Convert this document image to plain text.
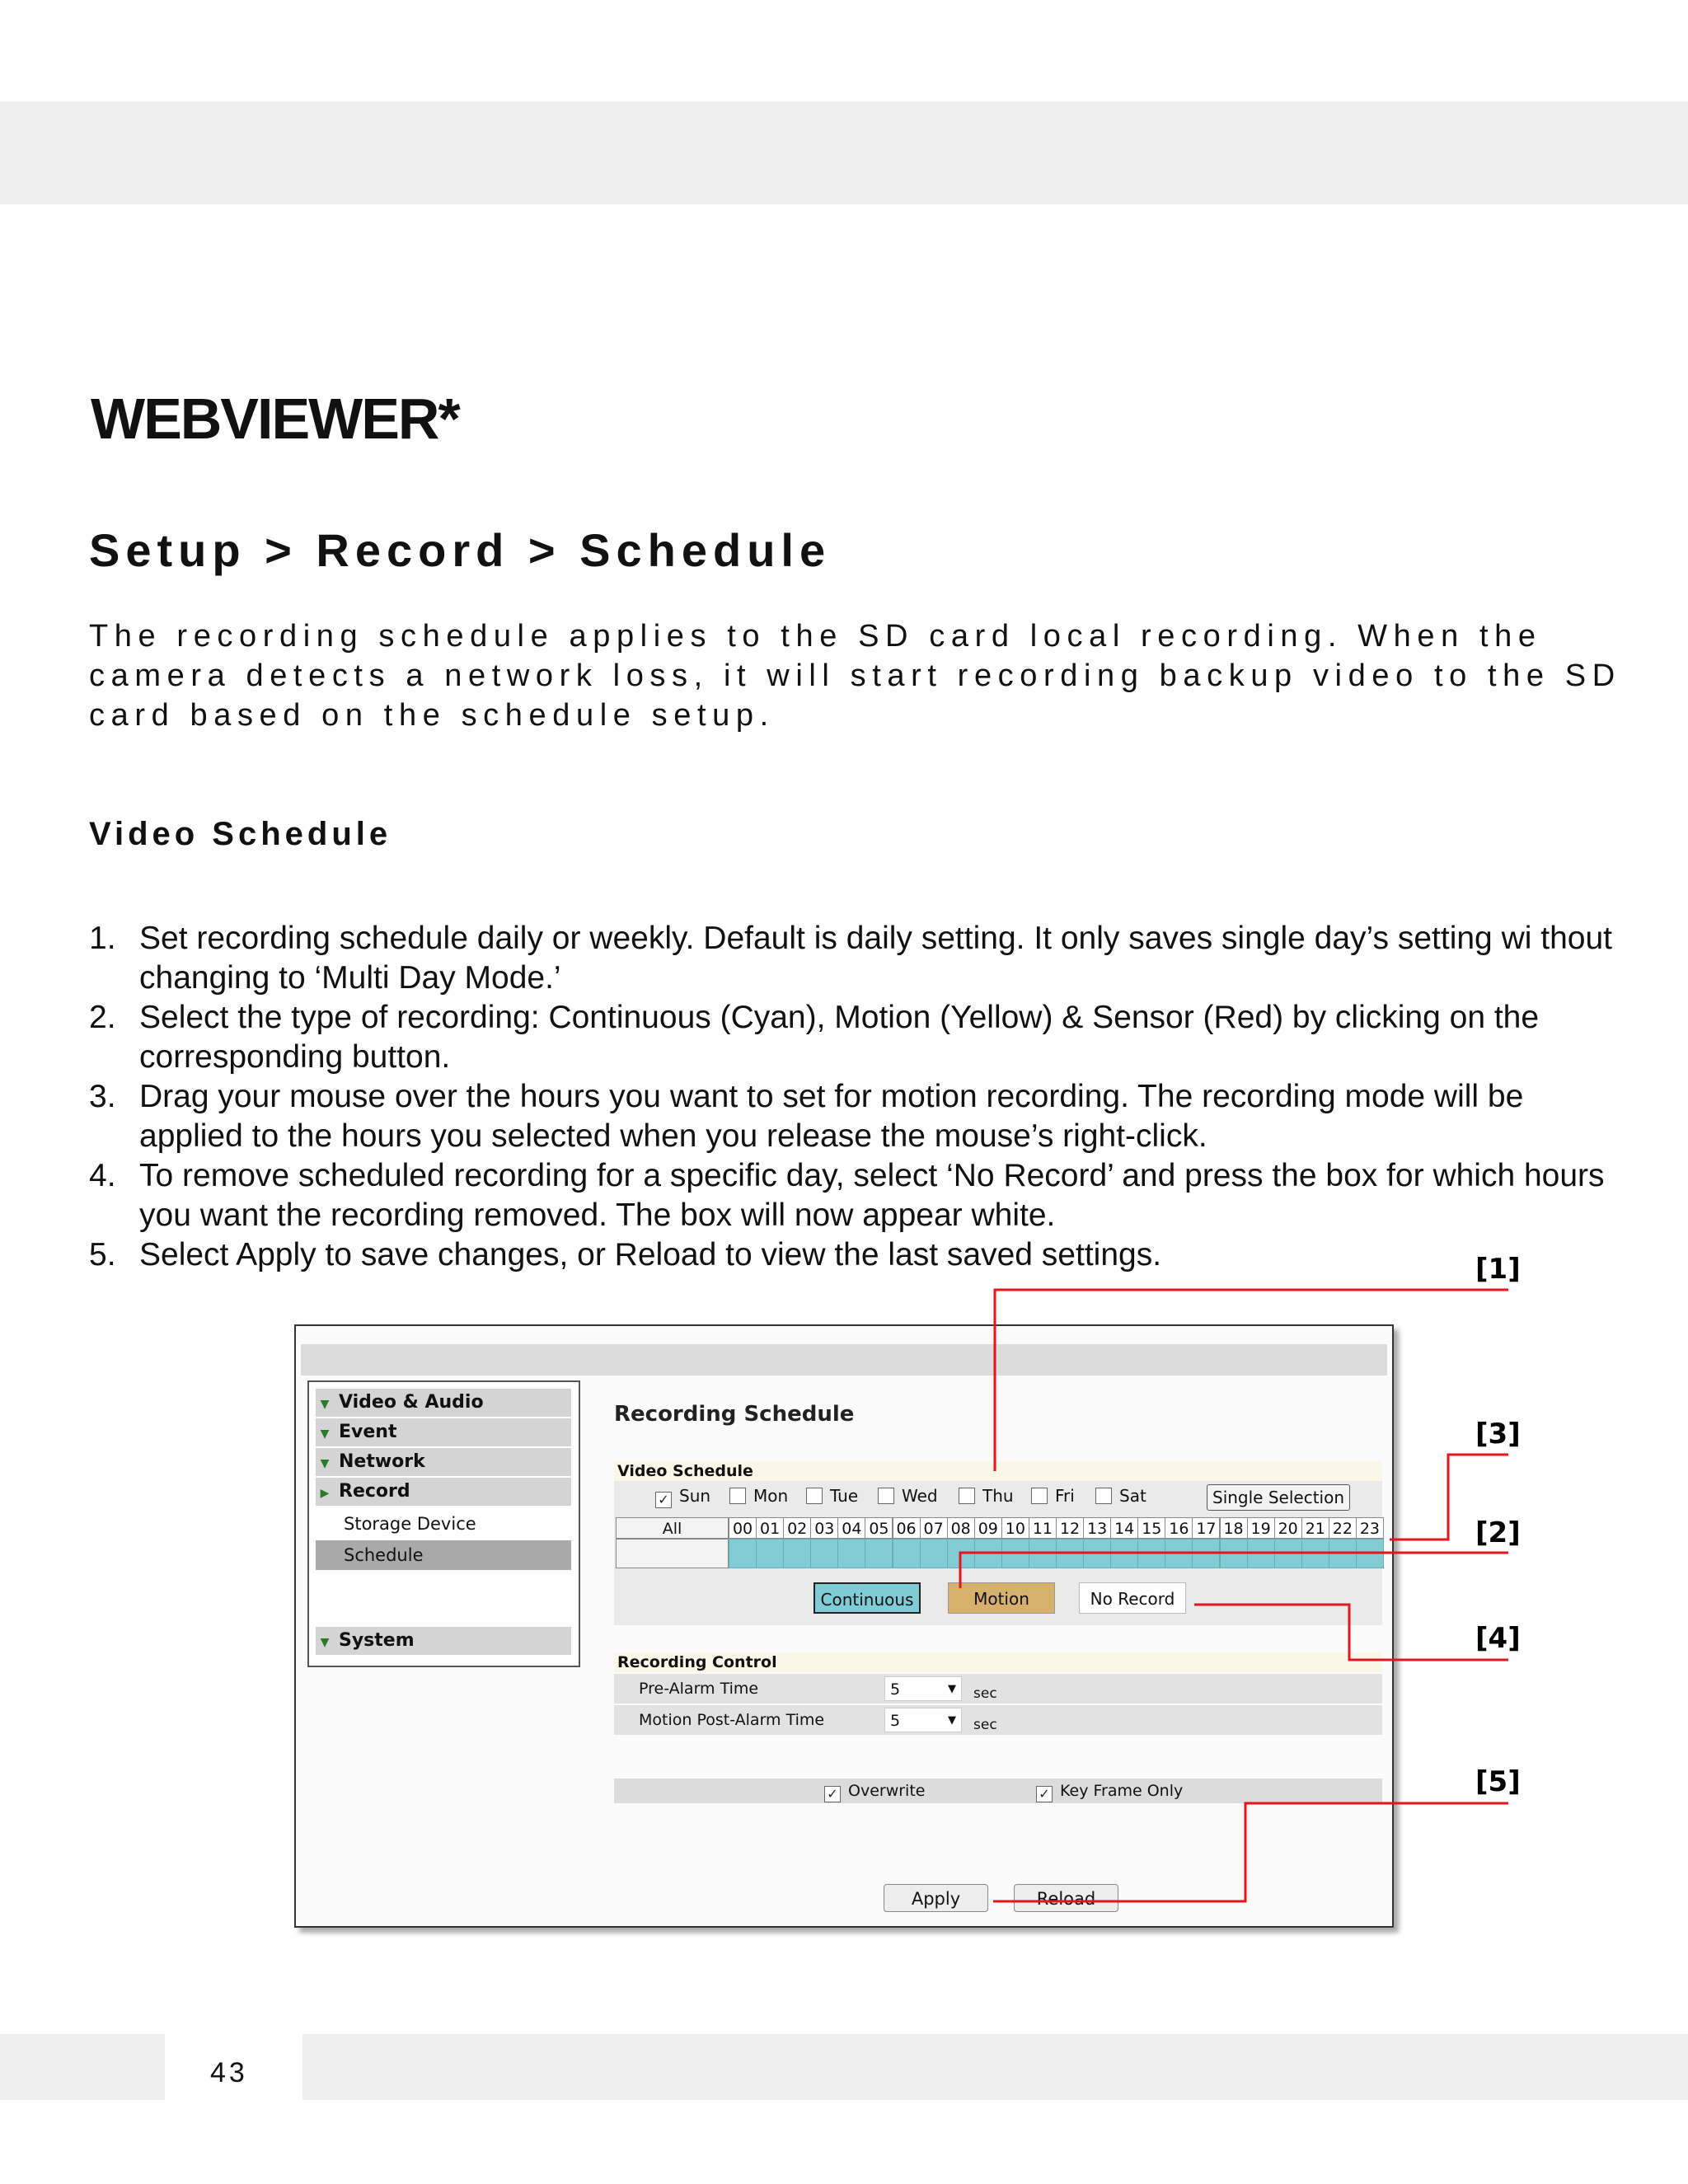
WEBVIEWER*
Setup > Record > Schedule

The recording schedule applies to the SD card local recording. When the camera detects a network loss, it will start recording backup video to the SD card based on the schedule setup.

Video Schedule
1. Set recording schedule daily or weekly. Default is daily setting. It only saves single day’s setting wi thout changing to ‘Multi Day Mode.’
2. Select the type of recording: Continuous (Cyan), Motion (Yellow) & Sensor (Red) by clicking on the corresponding button.
3. Drag your mouse over the hours you want to set for motion recording. The recording mode will be applied to the hours you selected when you release the mouse’s right-click.
4. To remove scheduled recording for a specific day, select ‘No Record’ and press the box for which hours you want the recording removed. The box will now appear white.
5. Select Apply to save changes, or Reload to view the last saved settings.	[1]
[3]
[2]
[4]
[5]
▼ Video & Audio
▼ Event
▼ Network
▶ Record
Storage Device
Schedule
▼ System
Recording Schedule
Video Schedule
✓ Sun	Mon	Tue	Wed	Thu	Fri	Sat	Single Selection
All	00 01 02 03 04 05 06 07 08 09 10 11 12 13 14 15 16 17 18 19 20 21 22 23
Continuous	Motion	No Record
Recording Control
Pre-Alarm Time	5	▼ sec
Motion Post-Alarm Time	5	▼ sec
✓ Overwrite	✓ Key Frame Only
Apply	Reload
43
